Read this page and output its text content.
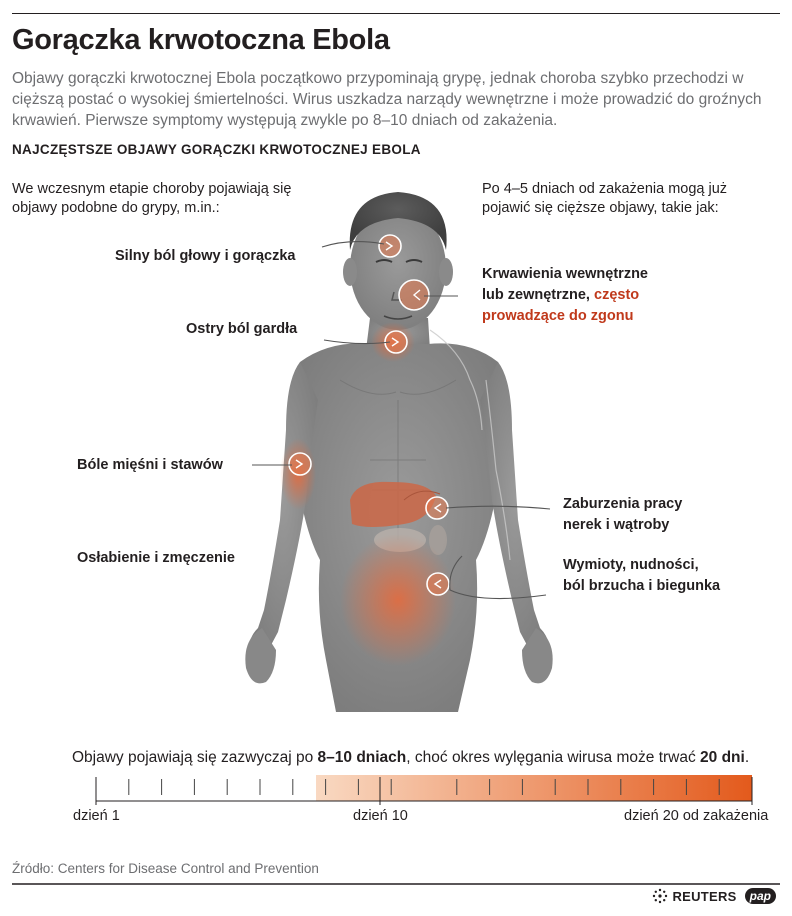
Gorączka krwotoczna Ebola
Objawy gorączki krwotocznej Ebola początkowo przypominają grypę, jednak choroba szybko przechodzi w cięższą postać o wysokiej śmiertelności. Wirus uszkadza narządy wewnętrzne i może prowadzić do groźnych krwawień. Pierwsze symptomy występują zwykle po 8–10 dniach od zakażenia.
NAJCZĘSTSZE OBJAWY GORĄCZKI KRWOTOCZNEJ EBOLA
We wczesnym etapie choroby pojawiają się
objawy podobne do grypy, m.in.:
Po 4–5 dniach od zakażenia mogą już
pojawić się cięższe objawy, takie jak:
Silny ból głowy i gorączka
Ostry ból gardła
Bóle mięśni i stawów
Osłabienie i zmęczenie
Krwawienia wewnętrzne
lub zewnętrzne, często
prowadzące do zgonu
Zaburzenia pracy
nerek i wątroby
Wymioty, nudności,
ból brzucha i biegunka
Objawy pojawiają się zazwyczaj po 8–10 dniach, choć okres wylęgania wirusa może trwać 20 dni.
dzień 1	dzień 10	dzień 20 od zakażenia
Źródło: Centers for Disease Control and Prevention
REUTERS	pap
